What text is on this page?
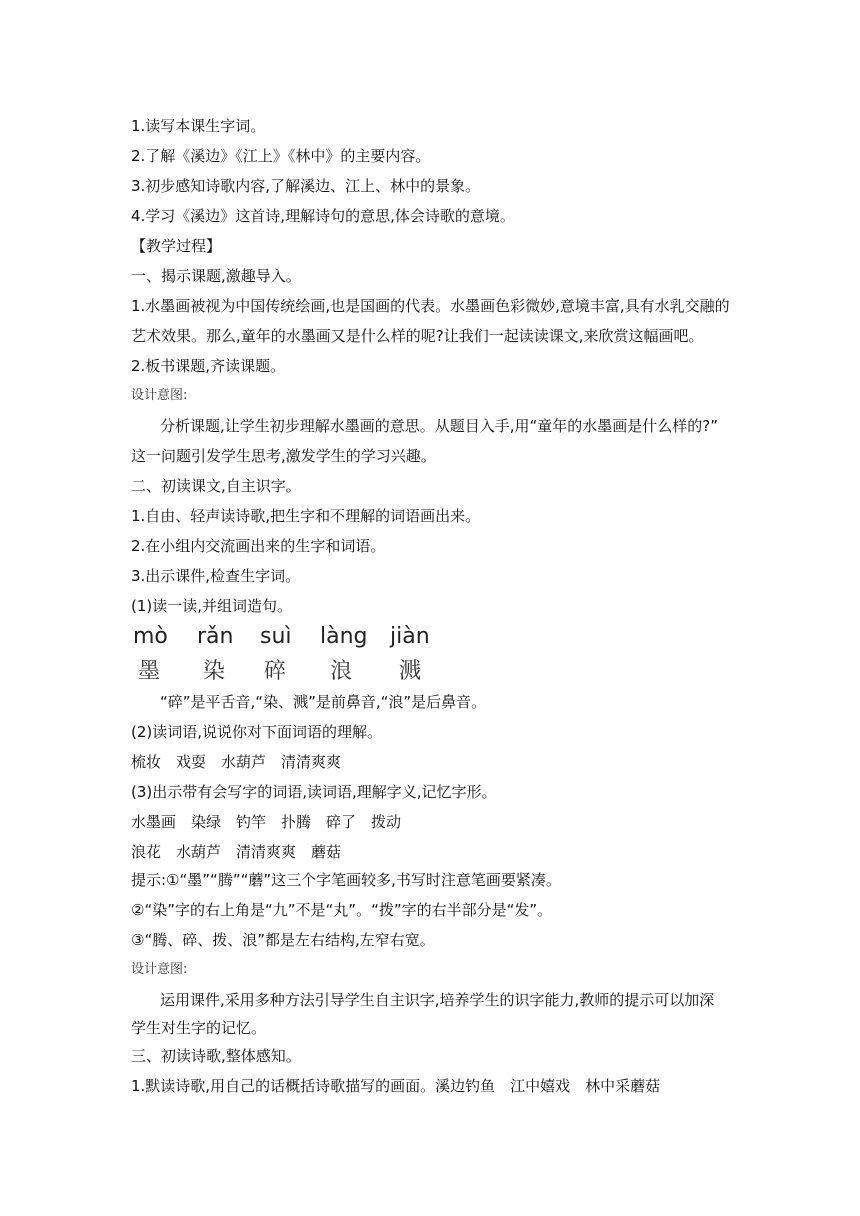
1.读写本课生字词。
2.了解《溪边》《江上》《林中》的主要内容。
3.初步感知诗歌内容,了解溪边、江上、林中的景象。
4.学习《溪边》这首诗,理解诗句的意思,体会诗歌的意境。
【教学过程】
一、揭示课题,激趣导入。
1.水墨画被视为中国传统绘画,也是国画的代表。水墨画色彩微妙,意境丰富,具有水乳交融的
艺术效果。那么,童年的水墨画又是什么样的呢?让我们一起读读课文,来欣赏这幅画吧。
2.板书课题,齐读课题。
设计意图:
分析课题,让学生初步理解水墨画的意思。从题目入手,用“童年的水墨画是什么样的?”
这一问题引发学生思考,激发学生的学习兴趣。
二、初读课文,自主识字。
1.自由、轻声读诗歌,把生字和不理解的词语画出来。
2.在小组内交流画出来的生字和词语。
3.出示课件,检查生字词。
(1)读一读,并组词造句。
mò rǎn suì làng jiàn
墨 染 碎 浪 溅
“碎”是平舌音,“染、溅”是前鼻音,“浪”是后鼻音。
(2)读词语,说说你对下面词语的理解。
梳妆　戏耍　水葫芦　清清爽爽
(3)出示带有会写字的词语,读词语,理解字义,记忆字形。
水墨画　染绿　钓竿　扑腾　碎了　拨动
浪花　水葫芦　清清爽爽　蘑菇
提示:①“墨”“腾”“蘑”这三个字笔画较多,书写时注意笔画要紧凑。
②“染”字的右上角是“九”不是“丸”。“拨”字的右半部分是“发”。
③“腾、碎、拨、浪”都是左右结构,左窄右宽。
设计意图:
运用课件,采用多种方法引导学生自主识字,培养学生的识字能力,教师的提示可以加深
学生对生字的记忆。
三、初读诗歌,整体感知。
1.默读诗歌,用自己的话概括诗歌描写的画面。溪边钓鱼　江中嬉戏　林中采蘑菇
